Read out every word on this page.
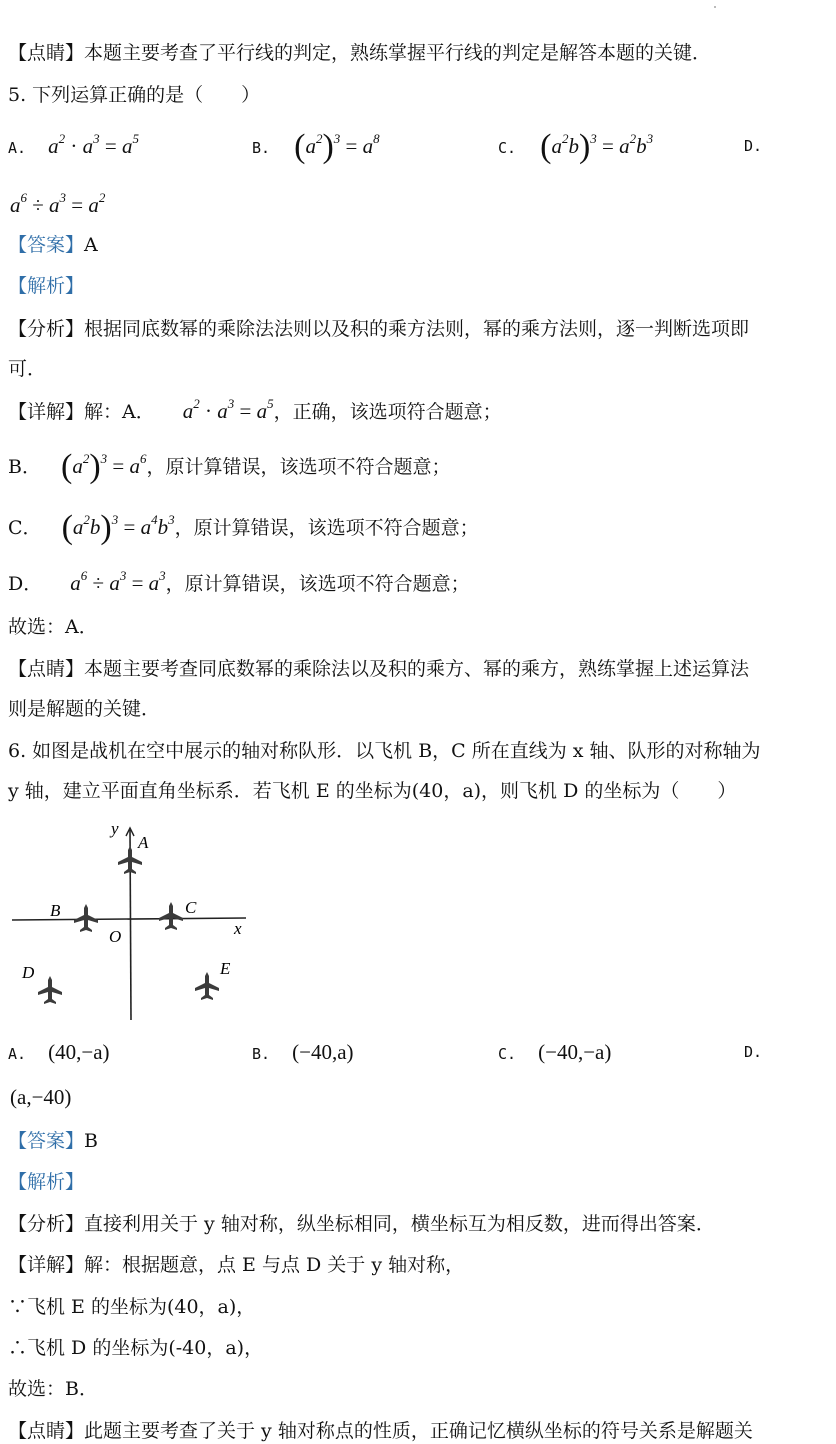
【点睛】本题主要考查了平行线的判定，熟练掌握平行线的判定是解答本题的关键．
5. 下列运算正确的是（　　）
A. $a^2 \cdot a^3 = a^5$
B. $(a^2)^3 = a^8$
C. $(a^2b)^3 = a^2b^3$	D.
$a^6 \div a^3 = a^2$
【答案】A
【解析】
【分析】根据同底数幂的乘除法法则以及积的乘方法则，幂的乘方法则，逐一判断选项即
可．
【详解】解：A． $a^2 \cdot a^3 = a^5$，正确，该选项符合题意；
B． $(a^2)^3 = a^6$，原计算错误，该选项不符合题意；
C． $(a^2b)^3 = a^4b^3$，原计算错误，该选项不符合题意；
D． $a^6 \div a^3 = a^3$，原计算错误，该选项不符合题意；
故选：A．
【点睛】本题主要考查同底数幂的乘除法以及积的乘方、幂的乘方，熟练掌握上述运算法
则是解题的关键．
6. 如图是战机在空中展示的轴对称队形．以飞机 B，C 所在直线为 x 轴、队形的对称轴为
y 轴，建立平面直角坐标系．若飞机 E 的坐标为(40，a)，则飞机 D 的坐标为（　　）
y
A
B	C
x
O
D	E
A. (40,−a)	B. (−40,a)	C. (−40,−a)	D.
(a,−40)
【答案】B
【解析】
【分析】直接利用关于 y 轴对称，纵坐标相同，横坐标互为相反数，进而得出答案．
【详解】解：根据题意，点 E 与点 D 关于 y 轴对称，
∵飞机 E 的坐标为(40，a)，
∴飞机 D 的坐标为(-40，a)，
故选：B．
【点睛】此题主要考查了关于 y 轴对称点的性质，正确记忆横纵坐标的符号关系是解题关
